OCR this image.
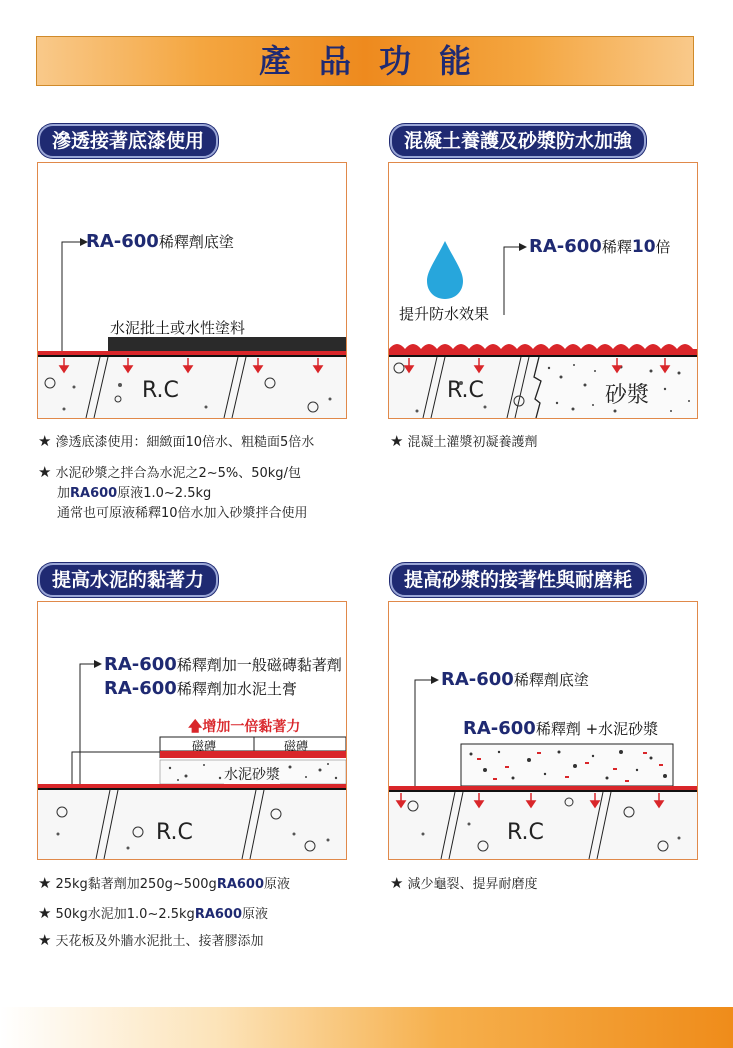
產品功能
滲透接著底漆使用
RA-600稀釋劑底塗
水泥批土或水性塗料
R.C
★ 滲透底漆使用：細緻面10倍水、粗糙面5倍水
★ 水泥砂漿之拌合為水泥之2~5%、50kg/包
加RA600原液1.0~2.5kg
通常也可原液稀釋10倍水加入砂漿拌合使用
混凝土養護及砂漿防水加強
RA-600稀釋10倍
提升防水效果
R.C	砂漿
★ 混凝土灌漿初凝養護劑
提高水泥的黏著力
RA-600稀釋劑加一般磁磚黏著劑
RA-600稀釋劑加水泥土膏
🡅增加一倍黏著力
磁磚	磁磚
水泥砂漿
R.C
★ 25kg黏著劑加250g~500gRA600原液
★ 50kg水泥加1.0~2.5kgRA600原液
★ 天花板及外牆水泥批土、接著膠添加
提高砂漿的接著性與耐磨耗
RA-600稀釋劑底塗
RA-600稀釋劑 +水泥砂漿
R.C
★ 減少龜裂、提昇耐磨度
